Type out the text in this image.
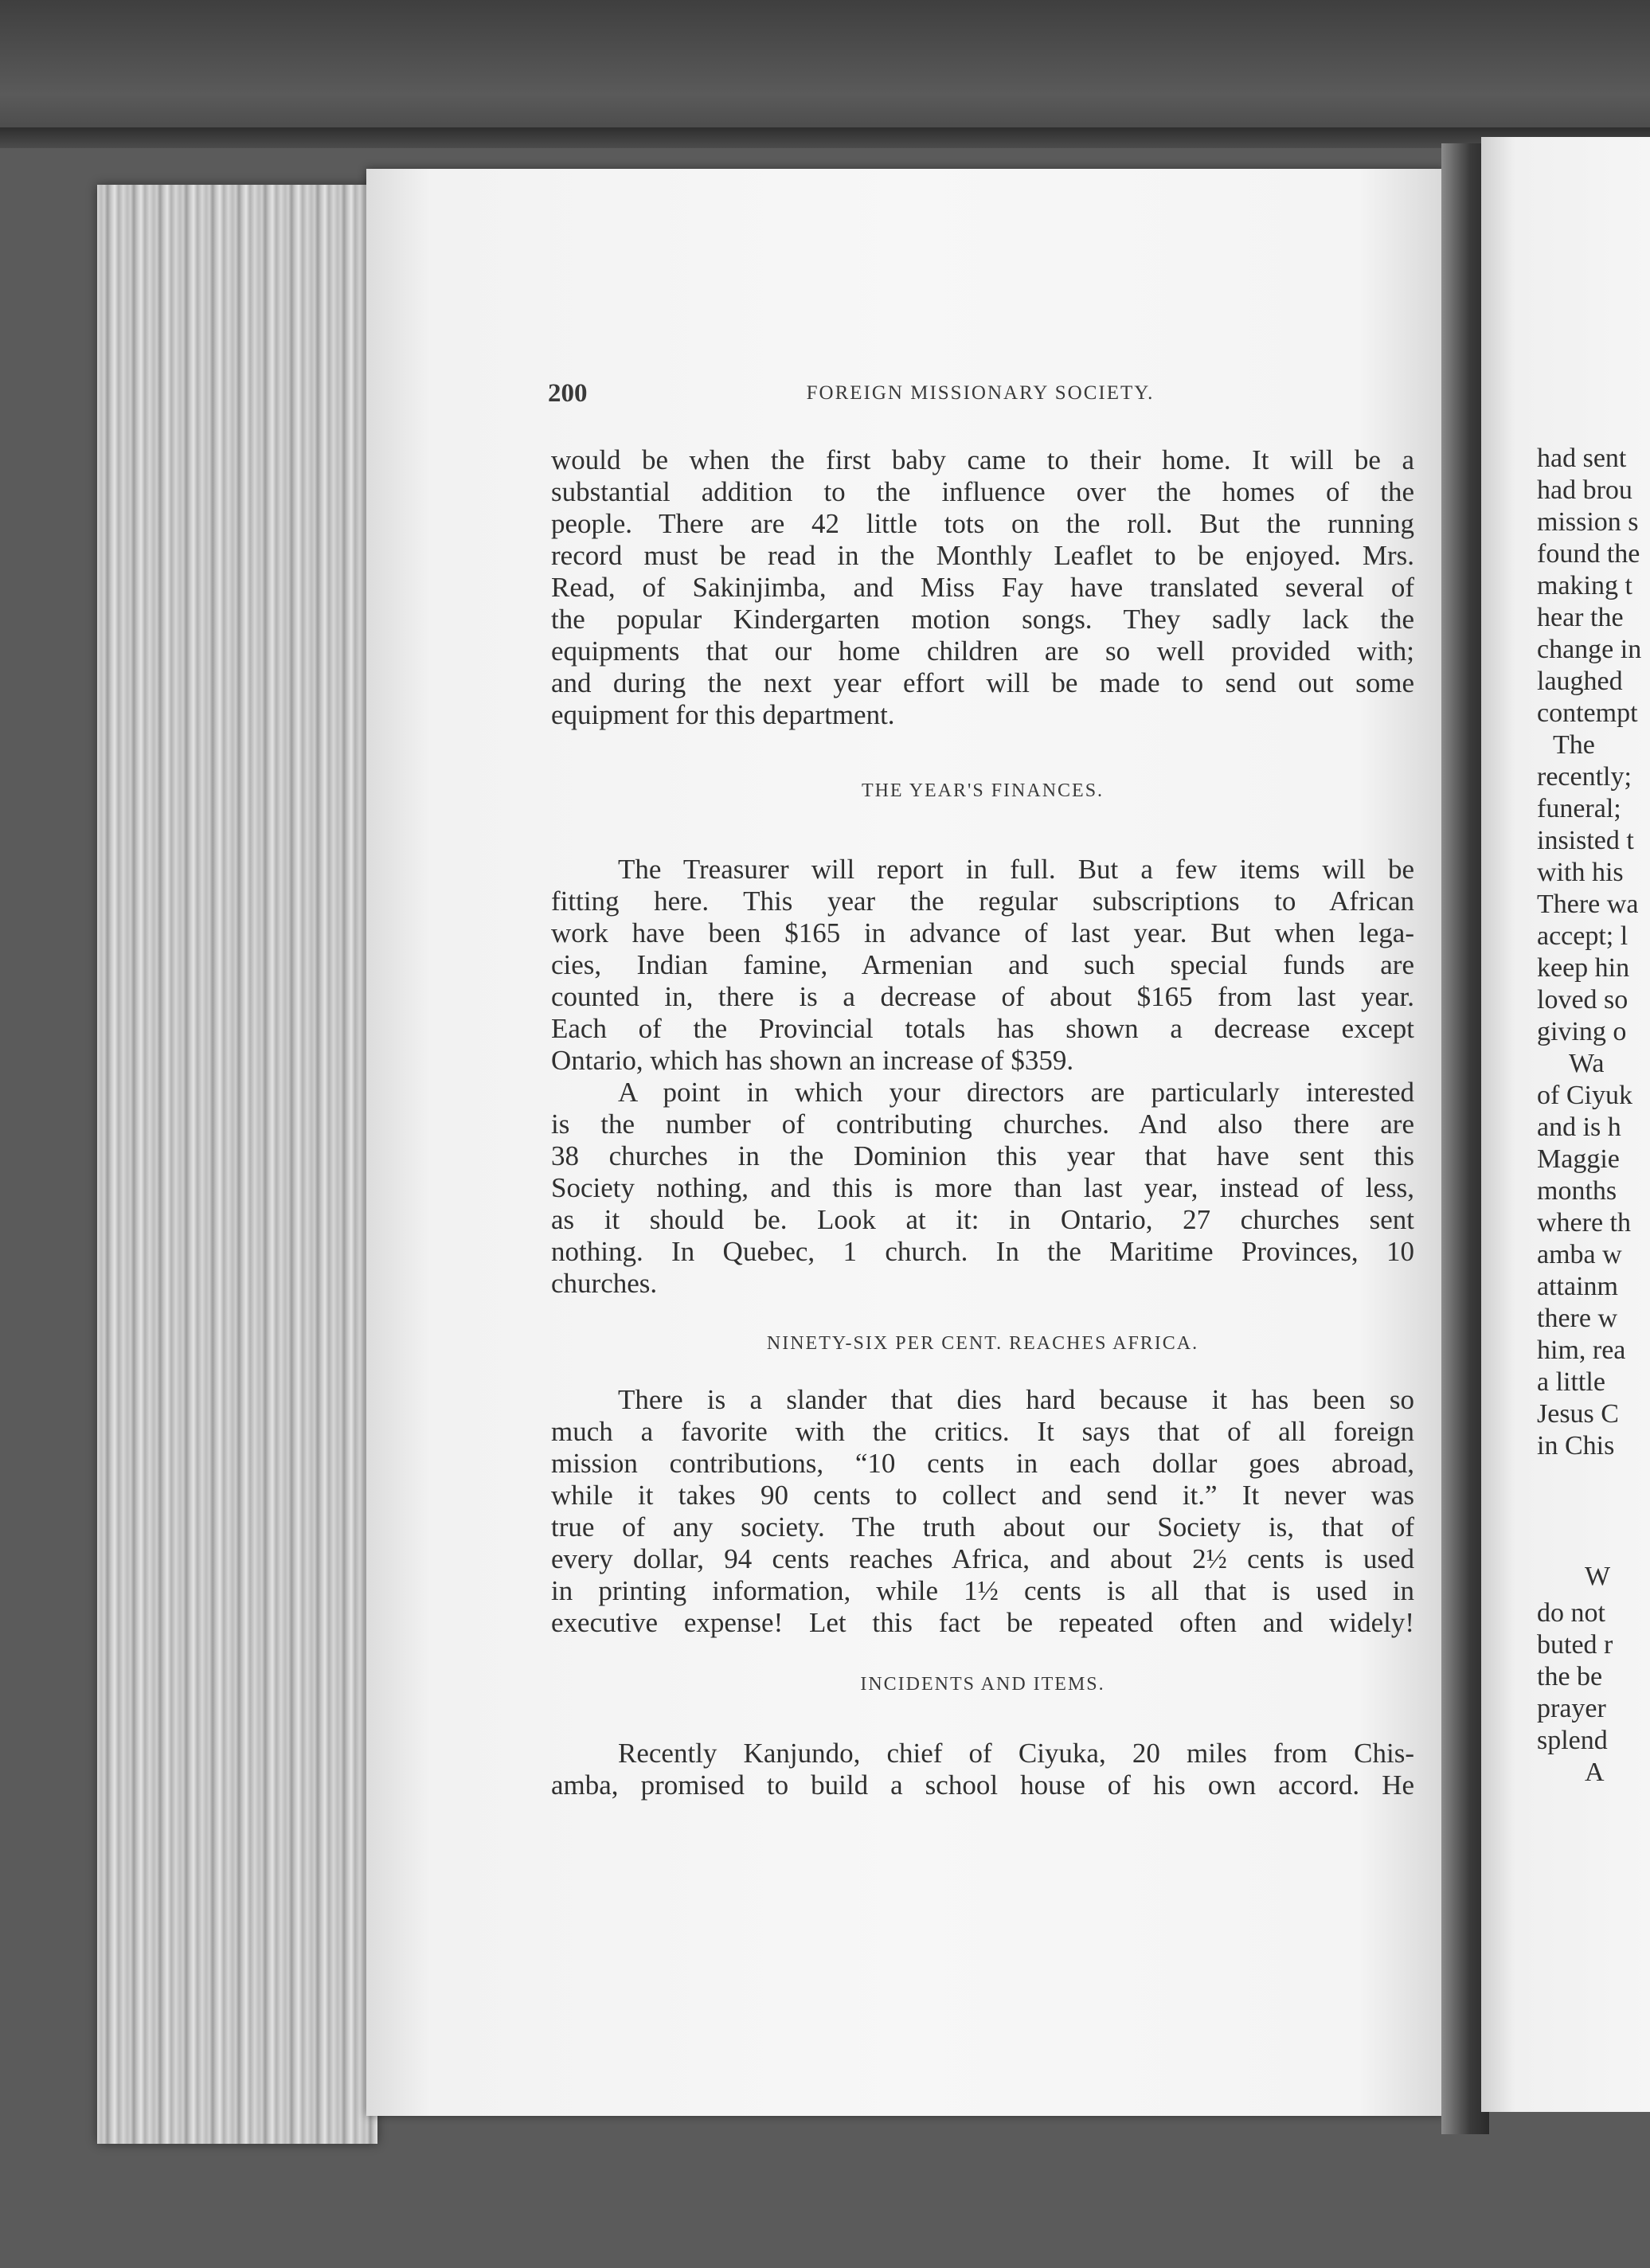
200	FOREIGN MISSIONARY SOCIETY.
would be when the first baby came to their home. It will be a
substantial addition to the influence over the homes of the
people. There are 42 little tots on the roll. But the running
record must be read in the Monthly Leaflet to be enjoyed. Mrs.
Read, of Sakinjimba, and Miss Fay have translated several of
the popular Kindergarten motion songs. They sadly lack the
equipments that our home children are so well provided with;
and during the next year effort will be made to send out some
equipment for this department.
THE YEAR'S FINANCES.
The Treasurer will report in full. But a few items will be
fitting here. This year the regular subscriptions to African
work have been $165 in advance of last year. But when lega-
cies, Indian famine, Armenian and such special funds are
counted in, there is a decrease of about $165 from last year.
Each of the Provincial totals has shown a decrease except
Ontario, which has shown an increase of $359.
A point in which your directors are particularly interested
is the number of contributing churches. And also there are
38 churches in the Dominion this year that have sent this
Society nothing, and this is more than last year, instead of less,
as it should be. Look at it: in Ontario, 27 churches sent
nothing. In Quebec, 1 church. In the Maritime Provinces, 10
churches.
NINETY-SIX PER CENT. REACHES AFRICA.
There is a slander that dies hard because it has been so
much a favorite with the critics. It says that of all foreign
mission contributions, “10 cents in each dollar goes abroad,
while it takes 90 cents to collect and send it.” It never was
true of any society. The truth about our Society is, that of
every dollar, 94 cents reaches Africa, and about 2½ cents is used
in printing information, while 1½ cents is all that is used in
executive expense! Let this fact be repeated often and widely!
INCIDENTS AND ITEMS.
Recently Kanjundo, chief of Ciyuka, 20 miles from Chis-
amba, promised to build a school house of his own accord. He
had sent
had brou
mission s
found the
making t
hear the
change in
laughed
contempt
The
recently;
funeral;
insisted t
with his
There wa
accept; l
keep hin
loved so
giving o
Wa
of Ciyuk
and is h
Maggie
months
where th
amba w
attainm
there w
him, rea
a little
Jesus C
in Chis
W
do not
buted r
the be
prayer
splend
A
